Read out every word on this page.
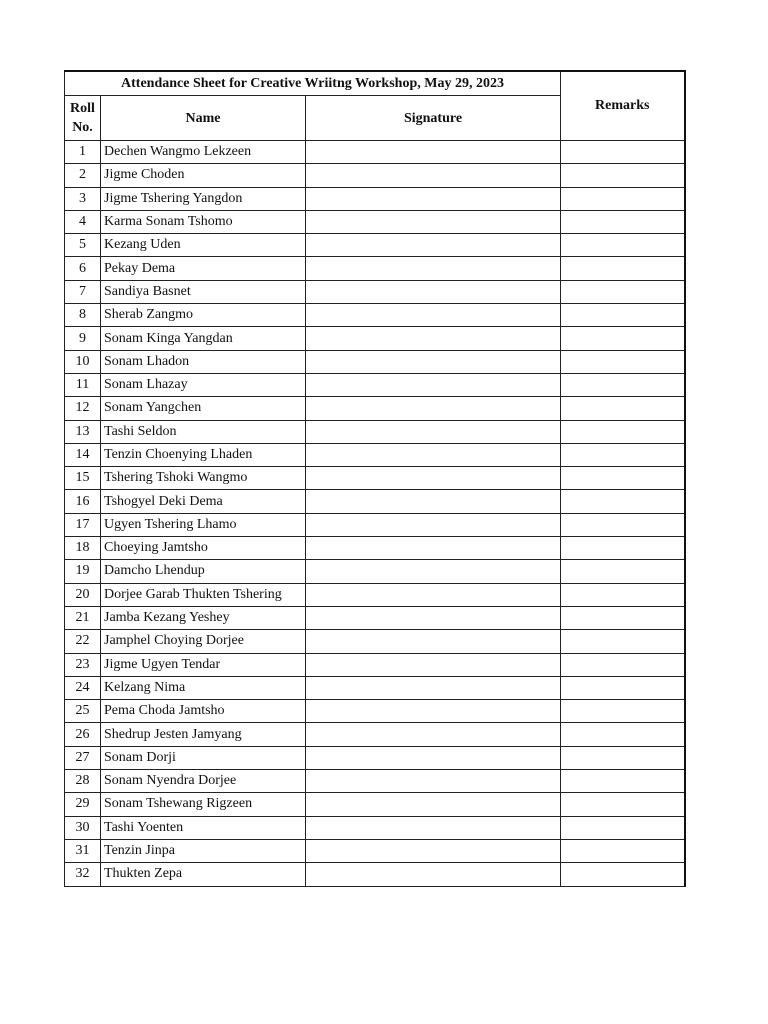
Attendance Sheet for Creative Wriitng Workshop, May 29, 2023			Remarks
Roll
No.	Name	Signature	
1	Dechen Wangmo Lekzeen		
2	Jigme Choden		
3	Jigme Tshering Yangdon		
4	Karma Sonam Tshomo		
5	Kezang Uden		
6	Pekay Dema		
7	Sandiya Basnet		
8	Sherab Zangmo		
9	Sonam Kinga Yangdan		
10	Sonam Lhadon		
11	Sonam Lhazay		
12	Sonam Yangchen		
13	Tashi Seldon		
14	Tenzin Choenying Lhaden		
15	Tshering Tshoki Wangmo		
16	Tshogyel Deki Dema		
17	Ugyen Tshering Lhamo		
18	Choeying Jamtsho		
19	Damcho Lhendup		
20	Dorjee Garab Thukten Tshering		
21	Jamba Kezang Yeshey		
22	Jamphel Choying Dorjee		
23	Jigme Ugyen Tendar		
24	Kelzang Nima		
25	Pema Choda Jamtsho		
26	Shedrup Jesten Jamyang		
27	Sonam Dorji		
28	Sonam Nyendra Dorjee		
29	Sonam Tshewang Rigzeen		
30	Tashi Yoenten		
31	Tenzin Jinpa		
32	Thukten Zepa		
